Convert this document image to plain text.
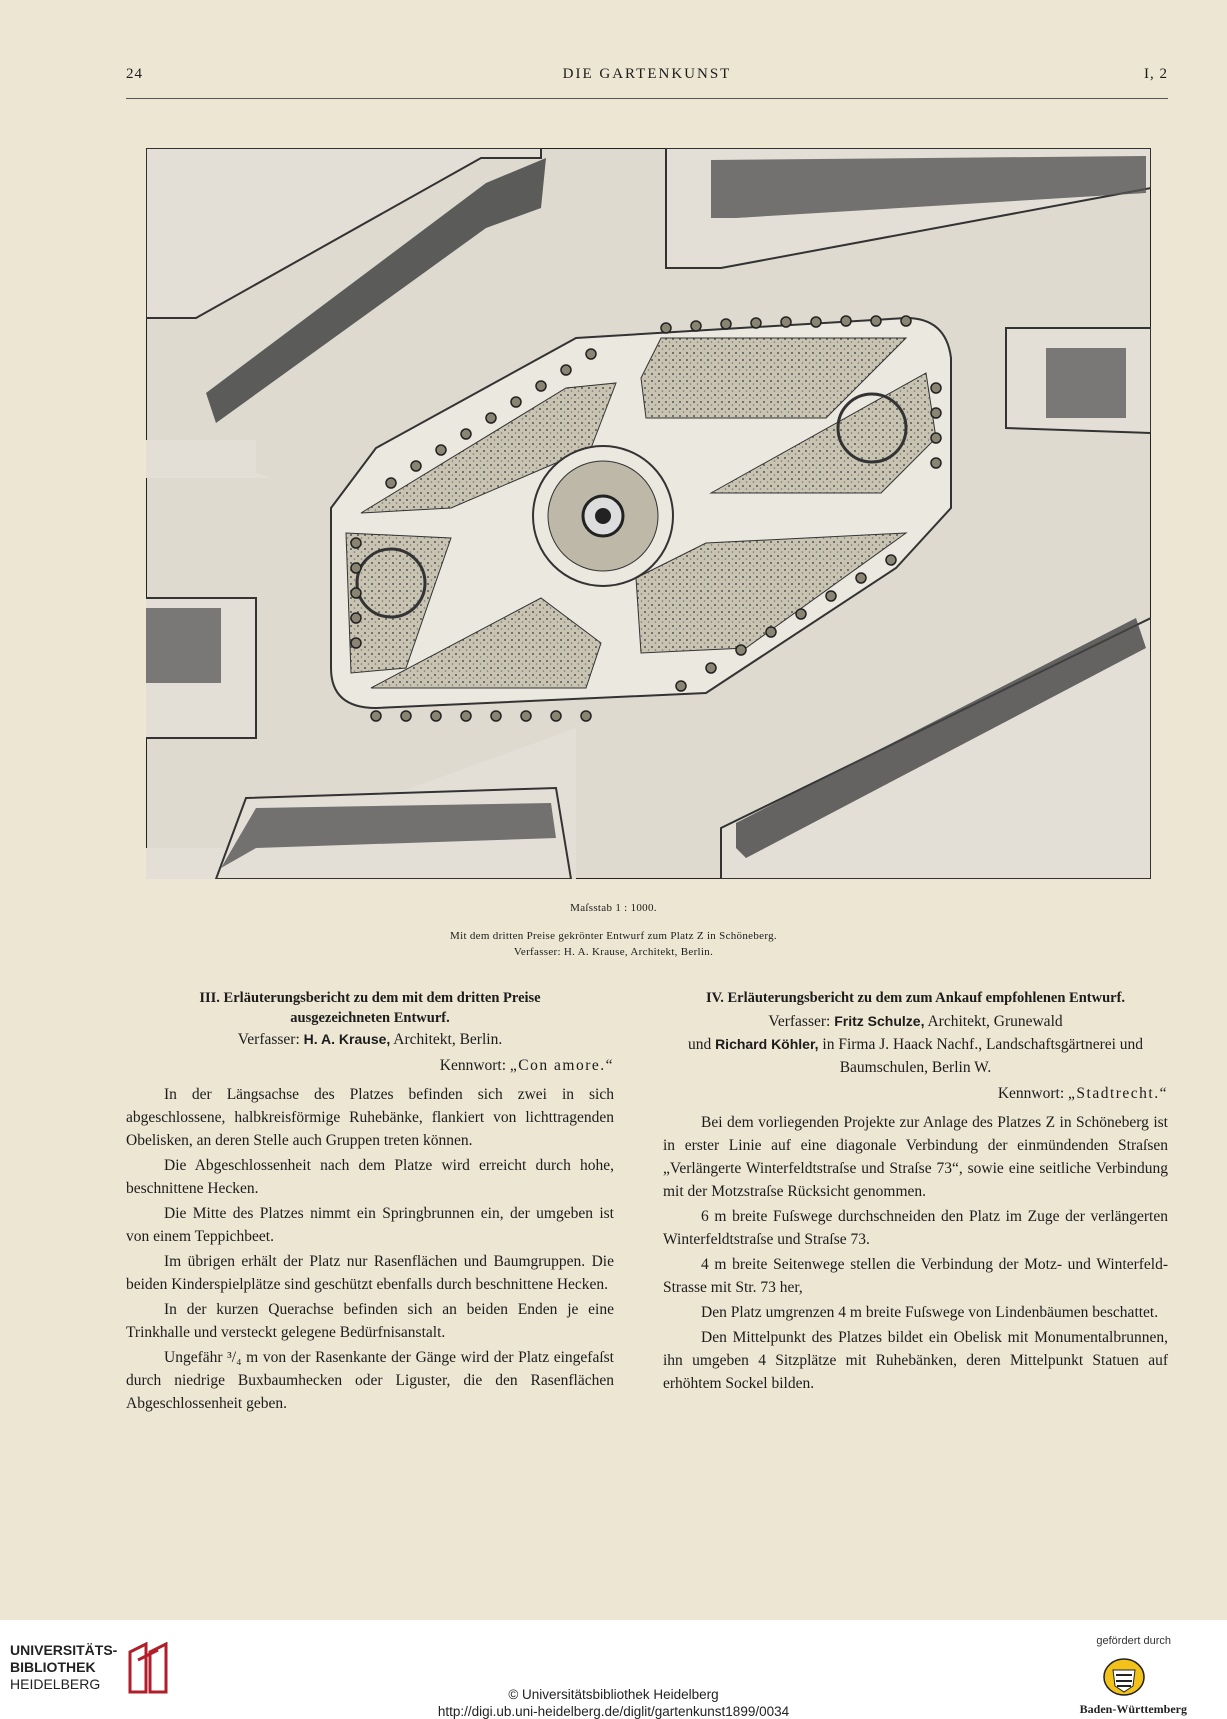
24	DIE GARTENKUNST	I, 2
Maſsstab 1 : 1000.
Mit dem dritten Preise gekrönter Entwurf zum Platz Z in Schöneberg.
Verfasser: H. A. Krause, Architekt, Berlin.
III. Erläuterungsbericht zu dem mit dem dritten Preise
ausgezeichneten Entwurf.
Verfasser: H. A. Krause, Architekt, Berlin.
Kennwort: „Con amore.“

In der Längsachse des Platzes befinden sich zwei in sich abgeschlossene, halbkreisförmige Ruhebänke, flankiert von lichttragenden Obelisken, an deren Stelle auch Gruppen treten können.

Die Abgeschlossenheit nach dem Platze wird erreicht durch hohe, beschnittene Hecken.

Die Mitte des Platzes nimmt ein Springbrunnen ein, der umgeben ist von einem Teppichbeet.

Im übrigen erhält der Platz nur Rasenflächen und Baumgruppen. Die beiden Kinderspielplätze sind geschützt ebenfalls durch beschnittene Hecken.

In der kurzen Querachse befinden sich an beiden Enden je eine Trinkhalle und versteckt gelegene Bedürfnisanstalt.

Ungefähr ³/₄ m von der Rasenkante der Gänge wird der Platz eingefaſst durch niedrige Buxbaumhecken oder Liguster, die den Rasenflächen Abgeschlossenheit geben.

IV. Erläuterungsbericht zu dem zum Ankauf empfohlenen Entwurf.
Verfasser: Fritz Schulze, Architekt, Grunewald
und Richard Köhler, in Firma J. Haack Nachf., Landschaftsgärtnerei und Baumschulen, Berlin W.
Kennwort: „Stadtrecht.“

Bei dem vorliegenden Projekte zur Anlage des Platzes Z in Schöneberg ist in erster Linie auf eine diagonale Verbindung der einmündenden Straſsen „Verlängerte Winterfeldtstraſse und Straſse 73“, sowie eine seitliche Verbindung mit der Motzstraſse Rücksicht genommen.

6 m breite Fuſswege durchschneiden den Platz im Zuge der verlängerten Winterfeldtstraſse und Straſse 73.

4 m breite Seitenwege stellen die Verbindung der Motz- und Winterfeld-Strasse mit Str. 73 her,

Den Platz umgrenzen 4 m breite Fuſswege von Lindenbäumen beschattet.

Den Mittelpunkt des Platzes bildet ein Obelisk mit Monumentalbrunnen, ihn umgeben 4 Sitzplätze mit Ruhebänken, deren Mittelpunkt Statuen auf erhöhtem Sockel bilden.

UNIVERSITÄTS-
BIBLIOTHEK
HEIDELBERG
© Universitätsbibliothek Heidelberg
http://digi.ub.uni-heidelberg.de/diglit/gartenkunst1899/0034
gefördert durch
Baden-Württemberg
